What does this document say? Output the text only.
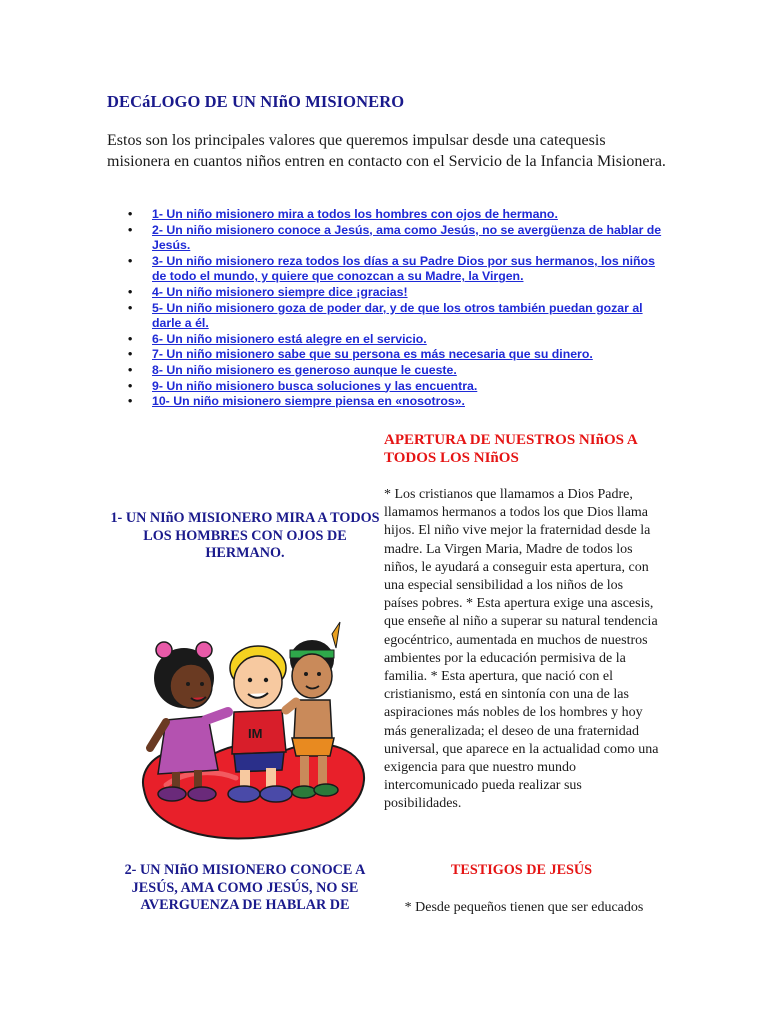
DECáLOGO DE UN NIñO MISIONERO
Estos son los principales valores que queremos impulsar desde una catequesis misionera en cuantos niños entren en contacto con el Servicio de la Infancia Misionera.
• 1- Un niño misionero mira a todos los hombres con ojos de hermano.
• 2- Un niño misionero conoce a Jesús, ama como Jesús, no se avergüenza de hablar de Jesús.
• 3- Un niño misionero reza todos los días a su Padre Dios por sus hermanos, los niños de todo el mundo, y quiere que conozcan a su Madre, la Virgen.
• 4- Un niño misionero siempre dice ¡gracias!
• 5- Un niño misionero goza de poder dar, y de que los otros también puedan gozar al darle a él.
• 6- Un niño misionero está alegre en el servicio.
• 7- Un niño misionero sabe que su persona es más necesaria que su dinero.
• 8- Un niño misionero es generoso aunque le cueste.
• 9- Un niño misionero busca soluciones y las encuentra.
• 10- Un niño misionero siempre piensa en «nosotros».
APERTURA DE NUESTROS NIñOS A TODOS LOS NIñOS
* Los cristianos que llamamos a Dios Padre, llamamos hermanos a todos los que Dios llama hijos. El niño vive mejor la fraternidad desde la madre. La Virgen Maria, Madre de todos los niños, le ayudará a conseguir esta apertura, con una especial sensibilidad a los niños de los países pobres. * Esta apertura exige una ascesis, que enseñe al niño a superar su natural tendencia egocéntrico, aumentada en muchos de nuestros ambientes por la educación permisiva de la familia. * Esta apertura, que nació con el cristianismo, está en sintonía con una de las aspiraciones más nobles de los hombres y hoy más generalizada; el deseo de una fraternidad universal, que aparece en la actualidad como una exigencia para que nuestro mundo intercomunicado pueda realizar sus posibilidades.
1- UN NIñO MISIONERO MIRA A TODOS LOS HOMBRES CON OJOS DE HERMANO.
IM
2- UN NIñO MISIONERO CONOCE A JESÚS, AMA COMO JESÚS, NO SE AVERGUENZA DE HABLAR DE
TESTIGOS DE JESÚS
* Desde pequeños tienen que ser educados
